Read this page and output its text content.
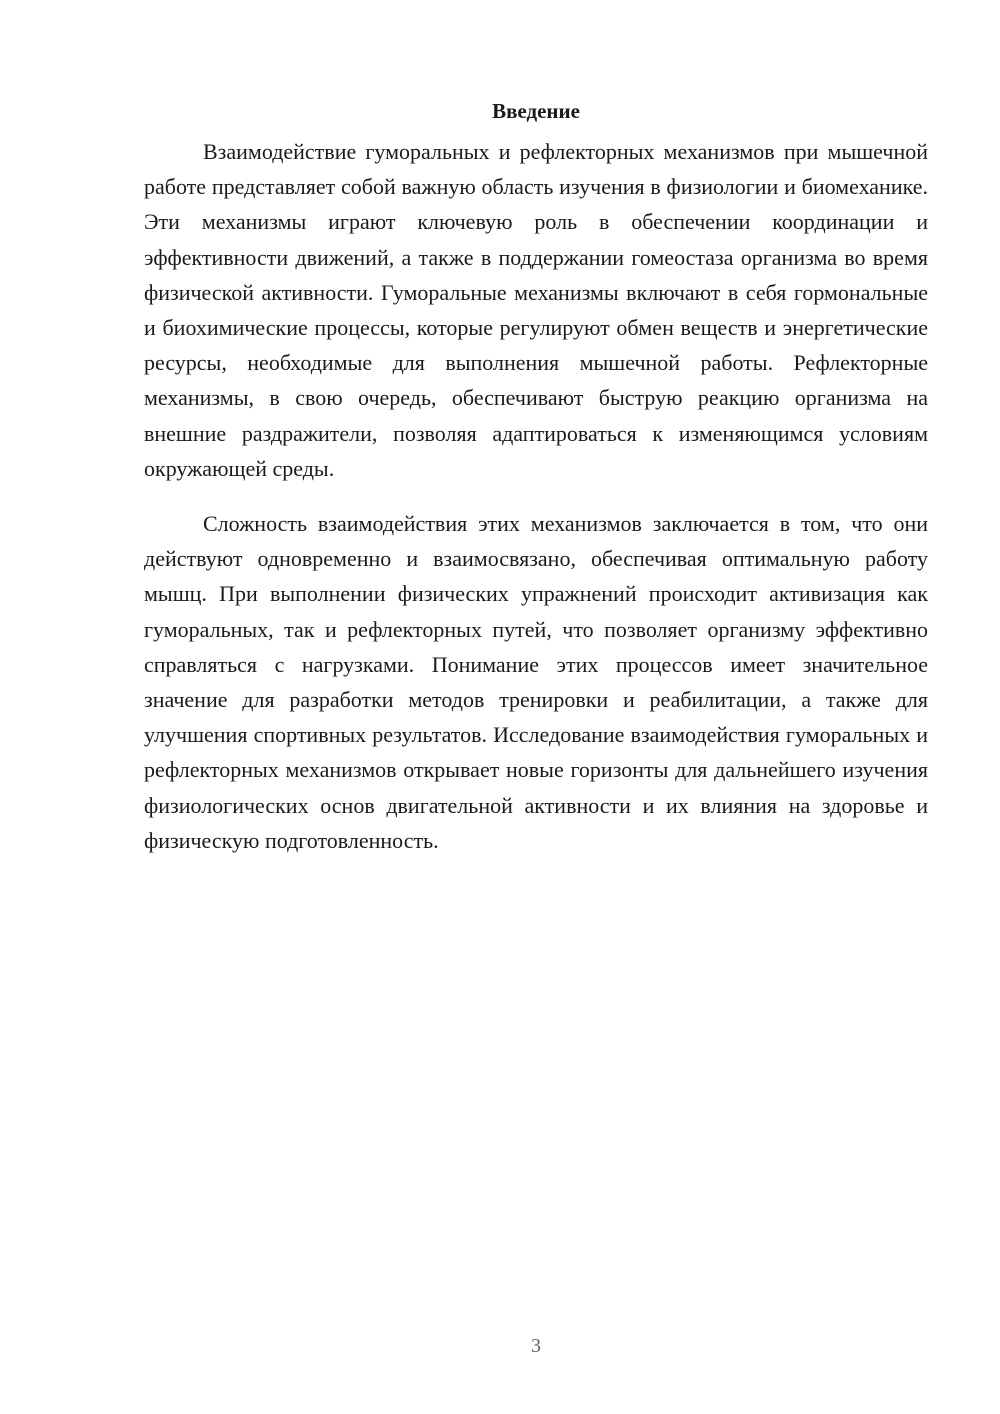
Введение

Взаимодействие гуморальных и рефлекторных механизмов при мышечной работе представляет собой важную область изучения в физиологии и биомеханике. Эти механизмы играют ключевую роль в обеспечении координации и эффективности движений, а также в поддержании гомеостаза организма во время физической активности. Гуморальные механизмы включают в себя гормональные и биохимические процессы, которые регулируют обмен веществ и энергетические ресурсы, необходимые для выполнения мышечной работы. Рефлекторные механизмы, в свою очередь, обеспечивают быструю реакцию организма на внешние раздражители, позволяя адаптироваться к изменяющимся условиям окружающей среды.

Сложность взаимодействия этих механизмов заключается в том, что они действуют одновременно и взаимосвязано, обеспечивая оптимальную работу мышц. При выполнении физических упражнений происходит активизация как гуморальных, так и рефлекторных путей, что позволяет организму эффективно справляться с нагрузками. Понимание этих процессов имеет значительное значение для разработки методов тренировки и реабилитации, а также для улучшения спортивных результатов. Исследование взаимодействия гуморальных и рефлекторных механизмов открывает новые горизонты для дальнейшего изучения физиологических основ двигательной активности и их влияния на здоровье и физическую подготовленность.

3
